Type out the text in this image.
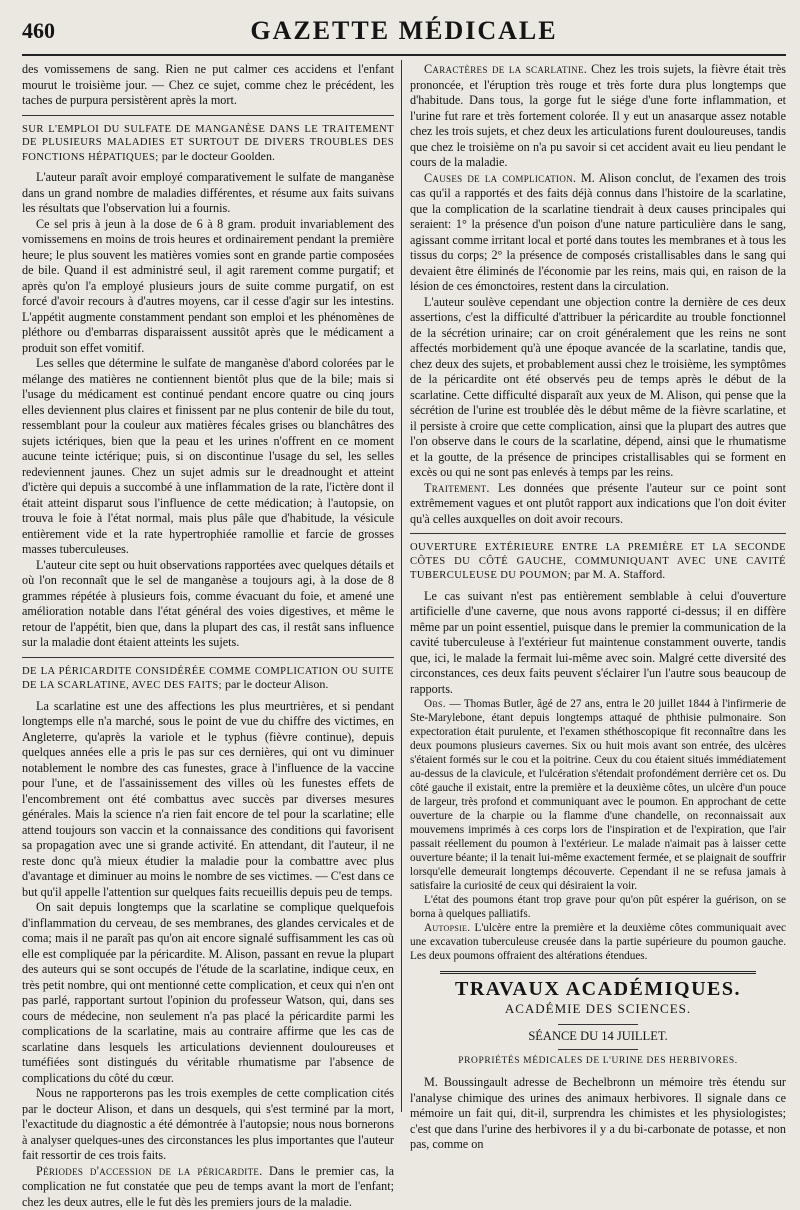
460	GAZETTE MÉDICALE

des vomissemens de sang. Rien ne put calmer ces accidens et l'enfant mourut le troisième jour. — Chez ce sujet, comme chez le précédent, les taches de purpura persistèrent après la mort.

SUR L'EMPLOI DU SULFATE DE MANGANÈSE DANS LE TRAITEMENT DE PLUSIEURS MALADIES ET SURTOUT DE DIVERS TROUBLES DES FONCTIONS HÉPATIQUES; par le docteur Goolden.

L'auteur paraît avoir employé comparativement le sulfate de manganèse dans un grand nombre de maladies différentes, et résume aux faits suivans les résultats que l'observation lui a fournis.

Ce sel pris à jeun à la dose de 6 à 8 gram. produit invariablement des vomissemens en moins de trois heures et ordinairement pendant la première heure; le plus souvent les matières vomies sont en grande partie composées de bile. Quand il est administré seul, il agit rarement comme purgatif; et après qu'on l'a employé plusieurs jours de suite comme purgatif, on est forcé d'avoir recours à d'autres moyens, car il cesse d'agir sur les intestins. L'appétit augmente constamment pendant son emploi et les phénomènes de pléthore ou d'embarras disparaissent aussitôt après que le médicament a produit son effet vomitif.

Les selles que détermine le sulfate de manganèse d'abord colorées par le mélange des matières ne contiennent bientôt plus que de la bile; mais si l'usage du médicament est continué pendant encore quatre ou cinq jours elles deviennent plus claires et finissent par ne plus contenir de bile du tout, ressemblant pour la couleur aux matières fécales grises ou blanchâtres des sujets ictériques, bien que la peau et les urines n'offrent en ce moment aucune teinte ictérique; puis, si on discontinue l'usage du sel, les selles redeviennent jaunes. Chez un sujet admis sur le dreadnought et atteint d'ictère qui depuis a succombé à une inflammation de la rate, l'ictère dont il était atteint disparut sous l'influence de cette médication; à l'autopsie, on trouva le foie à l'état normal, mais plus pâle que d'habitude, la vésicule entièrement vide et la rate hypertrophiée ramollie et farcie de grosses masses tuberculeuses.

L'auteur cite sept ou huit observations rapportées avec quelques détails et où l'on reconnaît que le sel de manganèse a toujours agi, à la dose de 8 grammes répétée à plusieurs fois, comme évacuant du foie, et amené une amélioration notable dans l'état général des voies digestives, et même le retour de l'appétit, bien que, dans la plupart des cas, il restât sans influence sur la maladie dont étaient atteints les sujets.

DE LA PÉRICARDITE CONSIDÉRÉE COMME COMPLICATION OU SUITE DE LA SCARLATINE, AVEC DES FAITS; par le docteur Alison.

La scarlatine est une des affections les plus meurtrières, et si pendant longtemps elle n'a marché, sous le point de vue du chiffre des victimes, en Angleterre, qu'après la variole et le typhus (fièvre continue), depuis quelques années elle a pris le pas sur ces dernières, qui ont vu diminuer notablement le nombre des cas funestes, grace à l'influence de la vaccine pour l'une, et de l'assainissement des villes où les funestes effets de l'encombrement ont été combattus avec succès par diverses mesures générales. Mais la science n'a rien fait encore de tel pour la scarlatine; elle attend toujours son vaccin et la connaissance des conditions qui favorisent sa propagation avec une si grande activité. En attendant, dit l'auteur, il ne reste donc qu'à mieux étudier la maladie pour la combattre avec plus d'avantage et diminuer au moins le nombre de ses victimes. — C'est dans ce but qu'il appelle l'attention sur quelques faits recueillis depuis peu de temps.

On sait depuis longtemps que la scarlatine se complique quelquefois d'inflammation du cerveau, de ses membranes, des glandes cervicales et de coma; mais il ne paraît pas qu'on ait encore signalé suffisamment les cas où elle est compliquée par la péricardite. M. Alison, passant en revue la plupart des auteurs qui se sont occupés de l'étude de la scarlatine, indique ceux, en très petit nombre, qui ont mentionné cette complication, et ceux qui n'en ont pas parlé, rapportant surtout l'opinion du professeur Watson, qui, dans ses cours de médecine, non seulement n'a pas placé la péricardite parmi les complications de la scarlatine, mais au contraire affirme que les cas de scarlatine dans lesquels les articulations deviennent douloureuses et tuméfiées sont distingués du véritable rhumatisme par l'absence de complications du côté du cœur.

Nous ne rapporterons pas les trois exemples de cette complication cités par le docteur Alison, et dans un desquels, qui s'est terminé par la mort, l'exactitude du diagnostic a été démontrée à l'autopsie; nous nous bornerons à analyser quelques-unes des circonstances les plus importantes que l'auteur fait ressortir de ces trois faits.

Périodes d'accession de la péricardite. Dans le premier cas, la complication ne fut constatée que peu de temps avant la mort de l'enfant; chez les deux autres, elle le fut dès les premiers jours de la maladie.

Caractères de la scarlatine. Chez les trois sujets, la fièvre était très prononcée, et l'éruption très rouge et très forte dura plus longtemps que d'habitude. Dans tous, la gorge fut le siége d'une forte inflammation, et l'urine fut rare et très fortement colorée. Il y eut un anasarque assez notable chez les trois sujets, et chez deux les articulations furent douloureuses, tandis que chez le troisième on n'a pu savoir si cet accident avait eu lieu pendant le cours de la maladie.

Causes de la complication. M. Alison conclut, de l'examen des trois cas qu'il a rapportés et des faits déjà connus dans l'histoire de la scarlatine, que la complication de la scarlatine tiendrait à deux causes principales qui seraient: 1° la présence d'un poison d'une nature particulière dans le sang, agissant comme irritant local et porté dans toutes les membranes et à tous les tissus du corps; 2° la présence de composés cristallisables dans le sang qui devaient être éliminés de l'économie par les reins, mais qui, en raison de la lésion de ces émonctoires, restent dans la circulation.

L'auteur soulève cependant une objection contre la dernière de ces deux assertions, c'est la difficulté d'attribuer la péricardite au trouble fonctionnel de la sécrétion urinaire; car on croit généralement que les reins ne sont affectés morbidement qu'à une époque avancée de la scarlatine, tandis que, chez deux des sujets, et probablement aussi chez le troisième, les symptômes de la péricardite ont été observés peu de temps après le début de la scarlatine. Cette difficulté disparaît aux yeux de M. Alison, qui pense que la sécrétion de l'urine est troublée dès le début même de la fièvre scarlatine, et il persiste à croire que cette complication, ainsi que la plupart des autres que l'on observe dans le cours de la scarlatine, dépend, ainsi que le rhumatisme et la goutte, de la présence de principes cristallisables qui se forment en excès ou qui ne sont pas enlevés à temps par les reins.

Traitement. Les données que présente l'auteur sur ce point sont extrêmement vagues et ont plutôt rapport aux indications que l'on doit éviter qu'à celles auxquelles on doit avoir recours.

OUVERTURE EXTÉRIEURE ENTRE LA PREMIÈRE ET LA SECONDE CÔTES DU CÔTÉ GAUCHE, COMMUNIQUANT AVEC UNE CAVITÉ TUBERCULEUSE DU POUMON; par M. A. Stafford.

Le cas suivant n'est pas entièrement semblable à celui d'ouverture artificielle d'une caverne, que nous avons rapporté ci-dessus; il en diffère même par un point essentiel, puisque dans le premier la communication de la cavité tuberculeuse à l'extérieur fut maintenue constamment ouverte, tandis que, ici, le malade la fermait lui-même avec soin. Malgré cette diversité des circonstances, ces deux faits peuvent s'éclairer l'un l'autre sous beaucoup de rapports.

Obs. — Thomas Butler, âgé de 27 ans, entra le 20 juillet 1844 à l'infirmerie de Ste-Marylebone, étant depuis longtemps attaqué de phthisie pulmonaire. Son expectoration était purulente, et l'examen sthéthoscopique fit reconnaître dans les deux poumons plusieurs cavernes. Six ou huit mois avant son entrée, des ulcères s'étaient formés sur le cou et la poitrine. Ceux du cou étaient situés immédiatement au-dessus de la clavicule, et l'ulcération s'étendait profondément derrière cet os. Du côté gauche il existait, entre la première et la deuxième côtes, un ulcère d'un pouce de largeur, très profond et communiquant avec le poumon. En approchant de cette ouverture de la charpie ou la flamme d'une chandelle, on reconnaissait aux mouvemens imprimés à ces corps lors de l'inspiration et de l'expiration, que l'air passait réellement du poumon à l'extérieur. Le malade n'aimait pas à laisser cette ouverture béante; il la tenait lui-même exactement fermée, et se plaignait de souffrir lorsqu'elle demeurait longtemps découverte. Cependant il ne se refusa jamais à satisfaire la curiosité de ceux qui désiraient la voir.

L'état des poumons étant trop grave pour qu'on pût espérer la guérison, on se borna à quelques palliatifs.

Autopsie. L'ulcère entre la première et la deuxième côtes communiquait avec une excavation tuberculeuse creusée dans la partie supérieure du poumon gauche. Les deux poumons offraient des altérations étendues.

TRAVAUX ACADÉMIQUES.
ACADÉMIE DES SCIENCES.
SÉANCE DU 14 JUILLET.
PROPRIÉTÉS MÉDICALES DE L'URINE DES HERBIVORES.

M. Boussingault adresse de Bechelbronn un mémoire très étendu sur l'analyse chimique des urines des animaux herbivores. Il signale dans ce mémoire un fait qui, dit-il, surprendra les chimistes et les physiologistes; c'est que dans l'urine des herbivores il y a du bi-carbonate de potasse, et non pas, comme on
